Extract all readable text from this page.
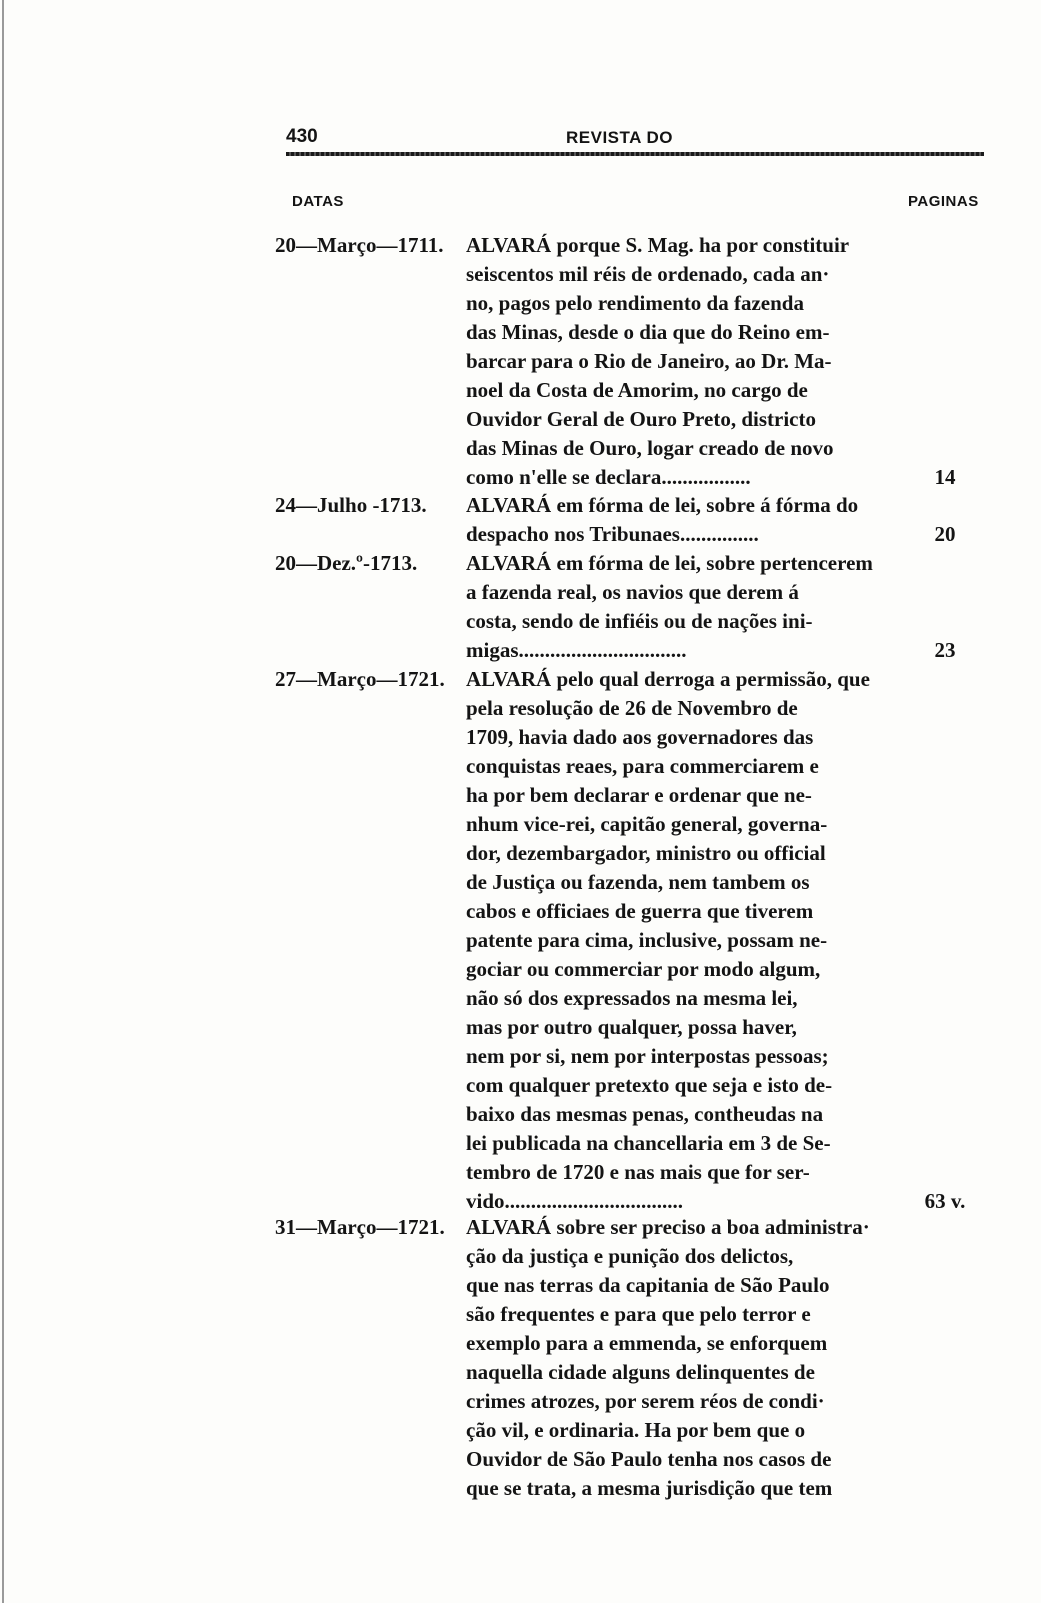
430	REVISTA DO
DATAS	PAGINAS
20—Março—1711. ALVARÁ porque S. Mag. ha por constituir
seiscentos mil réis de ordenado, cada an·
no, pagos pelo rendimento da fazenda
das Minas, desde o dia que do Reino em-
barcar para o Rio de Janeiro, ao Dr. Ma-
noel da Costa de Amorim, no cargo de
Ouvidor Geral de Ouro Preto, districto
das Minas de Ouro, logar creado de novo
como n'elle se declara.................	14
24—Julho -1713. ALVARÁ em fórma de lei, sobre á fórma do
despacho nos Tribunaes...............	20
20—Dez.º-1713. ALVARÁ em fórma de lei, sobre pertencerem
a fazenda real, os navios que derem á
costa, sendo de infiéis ou de nações ini-
migas................................	23
27—Março—1721. ALVARÁ pelo qual derroga a permissão, que
pela resolução de 26 de Novembro de
1709, havia dado aos governadores das
conquistas reaes, para commerciarem e
ha por bem declarar e ordenar que ne-
nhum vice-rei, capitão general, governa-
dor, dezembargador, ministro ou official
de Justiça ou fazenda, nem tambem os
cabos e officiaes de guerra que tiverem
patente para cima, inclusive, possam ne-
gociar ou commerciar por modo algum,
não só dos expressados na mesma lei,
mas por outro qualquer, possa haver,
nem por si, nem por interpostas pessoas;
com qualquer pretexto que seja e isto de-
baixo das mesmas penas, contheudas na
lei publicada na chancellaria em 3 de Se-
tembro de 1720 e nas mais que for ser-
vido..................................	63 v.
31—Março—1721. ALVARÁ sobre ser preciso a boa administra·
ção da justiça e punição dos delictos,
que nas terras da capitania de São Paulo
são frequentes e para que pelo terror e
exemplo para a emmenda, se enforquem
naquella cidade alguns delinquentes de
crimes atrozes, por serem réos de condi·
ção vil, e ordinaria. Ha por bem que o
Ouvidor de São Paulo tenha nos casos de
que se trata, a mesma jurisdição que tem
